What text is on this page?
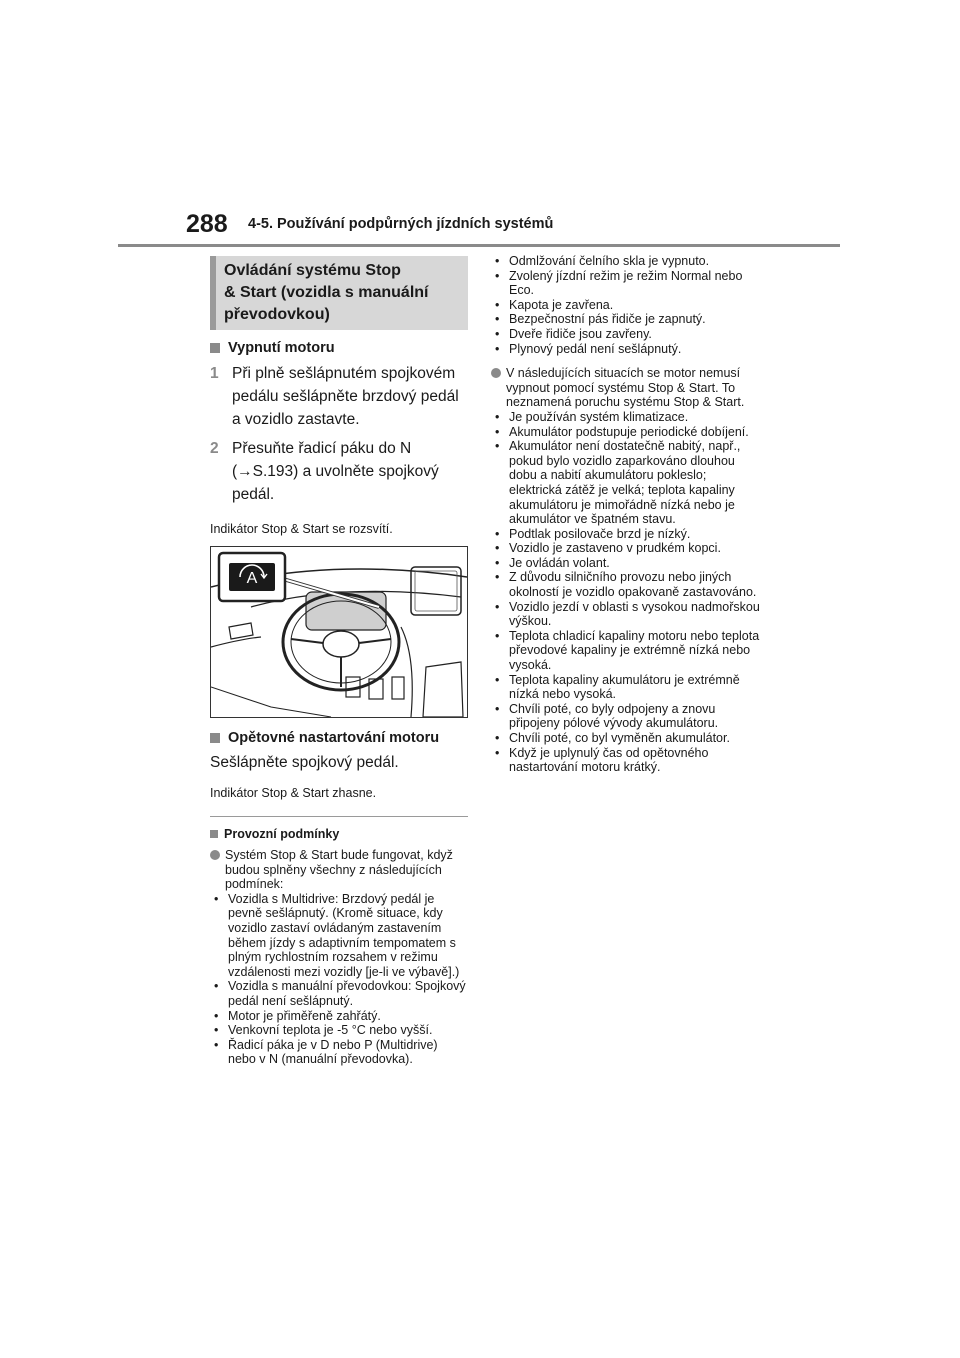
288 4-5. Používání podpůrných jízdních systémů
Ovládání systému Stop
& Start (vozidla s manuální
převodovkou)
Vypnutí motoru
1 Při plně sešlápnutém spojkovém pedálu sešlápněte brzdový pedál a vozidlo zastavte.
2 Přesuňte řadicí páku do N (→S.193) a uvolněte spojkový pedál.
Indikátor Stop & Start se rozsvítí.
A
Opětovné nastartování motoru
Sešlápněte spojkový pedál.
Indikátor Stop & Start zhasne.
Provozní podmínky
Systém Stop & Start bude fungovat, když budou splněny všechny z následujících podmínek:
• Vozidla s Multidrive: Brzdový pedál je pevně sešlápnutý. (Kromě situace, kdy vozidlo zastaví ovládaným zastavením během jízdy s adaptivním tempomatem s plným rychlostním rozsahem v režimu vzdálenosti mezi vozidly [je-li ve výbavě].)
• Vozidla s manuální převodovkou: Spojkový pedál není sešlápnutý.
• Motor je přiměřeně zahřátý.
• Venkovní teplota je -5 °C nebo vyšší.
• Řadicí páka je v D nebo P (Multidrive) nebo v N (manuální převodovka).
• Odmlžování čelního skla je vypnuto.
• Zvolený jízdní režim je režim Normal nebo Eco.
• Kapota je zavřena.
• Bezpečnostní pás řidiče je zapnutý.
• Dveře řidiče jsou zavřeny.
• Plynový pedál není sešlápnutý.
V následujících situacích se motor nemusí vypnout pomocí systému Stop & Start. To neznamená poruchu systému Stop & Start.
• Je používán systém klimatizace.
• Akumulátor podstupuje periodické dobíjení.
• Akumulátor není dostatečně nabitý, např., pokud bylo vozidlo zaparkováno dlouhou dobu a nabití akumulátoru pokleslo; elektrická zátěž je velká; teplota kapaliny akumulátoru je mimořádně nízká nebo je akumulátor ve špatném stavu.
• Podtlak posilovače brzd je nízký.
• Vozidlo je zastaveno v prudkém kopci.
• Je ovládán volant.
• Z důvodu silničního provozu nebo jiných okolností je vozidlo opakovaně zastavováno.
• Vozidlo jezdí v oblasti s vysokou nadmořskou výškou.
• Teplota chladicí kapaliny motoru nebo teplota převodové kapaliny je extrémně nízká nebo vysoká.
• Teplota kapaliny akumulátoru je extrémně nízká nebo vysoká.
• Chvíli poté, co byly odpojeny a znovu připojeny pólové vývody akumulátoru.
• Chvíli poté, co byl vyměněn akumulátor.
• Když je uplynulý čas od opětovného nastartování motoru krátký.
